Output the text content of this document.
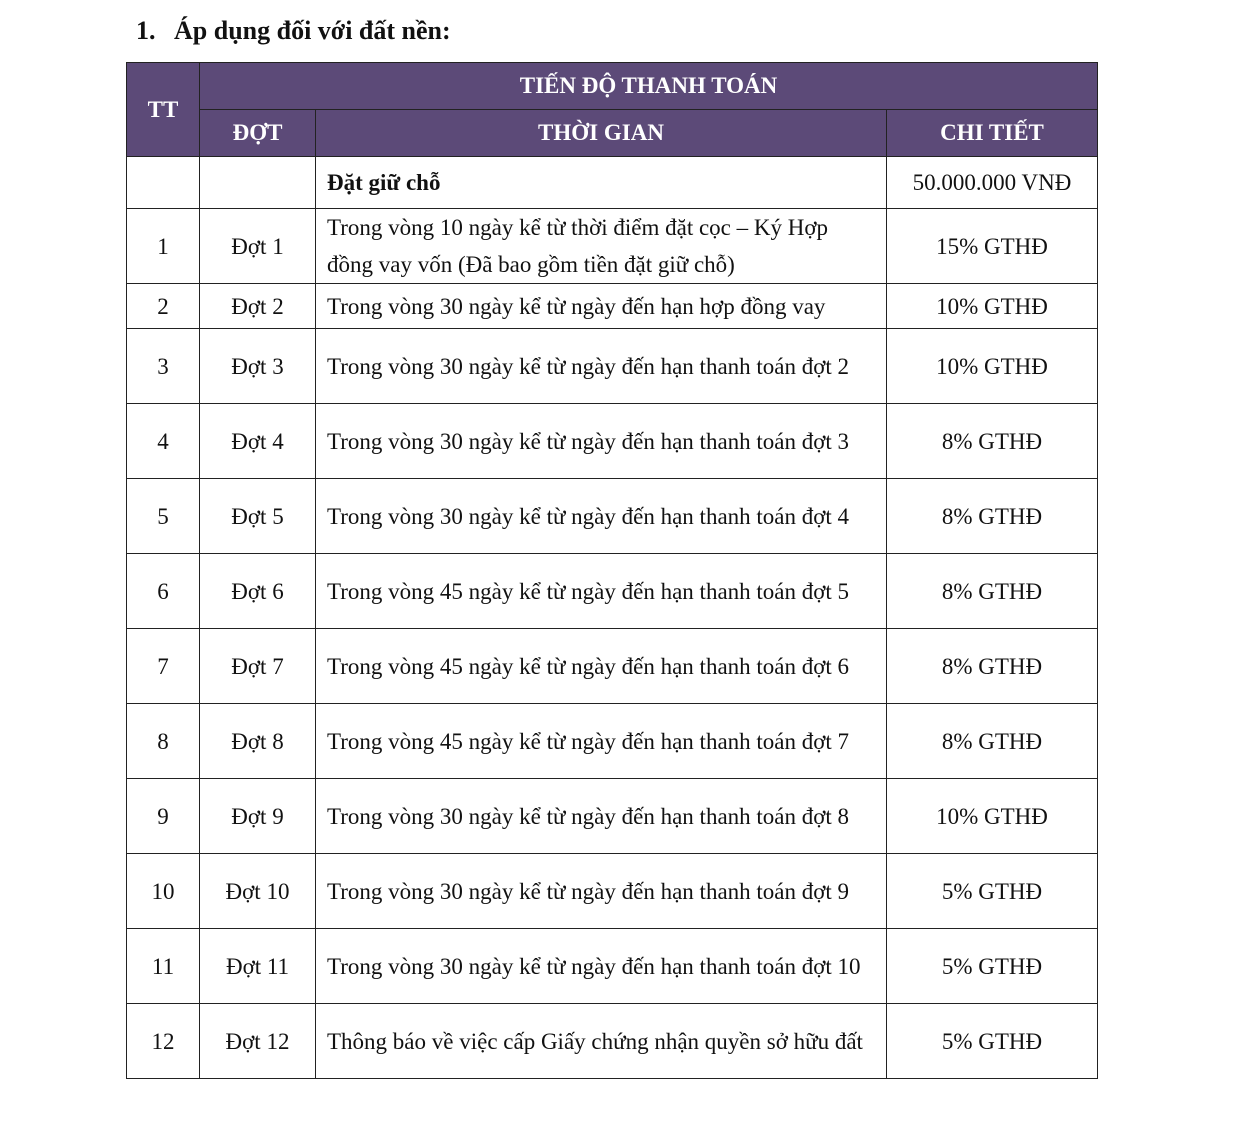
1. Áp dụng đối với đất nền:
TT	TIẾN ĐỘ THANH TOÁN		
	ĐỢT	THỜI GIAN	CHI TIẾT
		Đặt giữ chỗ	50.000.000 VNĐ
1	Đợt 1	Trong vòng 10 ngày kể từ thời điểm đặt cọc – Ký Hợp đồng vay vốn (Đã bao gồm tiền đặt giữ chỗ)	15% GTHĐ
2	Đợt 2	Trong vòng 30 ngày kể từ ngày đến hạn hợp đồng vay	10% GTHĐ
3	Đợt 3	Trong vòng 30 ngày kể từ ngày đến hạn thanh toán đợt 2	10% GTHĐ
4	Đợt 4	Trong vòng 30 ngày kể từ ngày đến hạn thanh toán đợt 3	8% GTHĐ
5	Đợt 5	Trong vòng 30 ngày kể từ ngày đến hạn thanh toán đợt 4	8% GTHĐ
6	Đợt 6	Trong vòng 45 ngày kể từ ngày đến hạn thanh toán đợt 5	8% GTHĐ
7	Đợt 7	Trong vòng 45 ngày kể từ ngày đến hạn thanh toán đợt 6	8% GTHĐ
8	Đợt 8	Trong vòng 45 ngày kể từ ngày đến hạn thanh toán đợt 7	8% GTHĐ
9	Đợt 9	Trong vòng 30 ngày kể từ ngày đến hạn thanh toán đợt 8	10% GTHĐ
10	Đợt 10	Trong vòng 30 ngày kể từ ngày đến hạn thanh toán đợt 9	5% GTHĐ
11	Đợt 11	Trong vòng 30 ngày kể từ ngày đến hạn thanh toán đợt 10	5% GTHĐ
12	Đợt 12	Thông báo về việc cấp Giấy chứng nhận quyền sở hữu đất	5% GTHĐ
